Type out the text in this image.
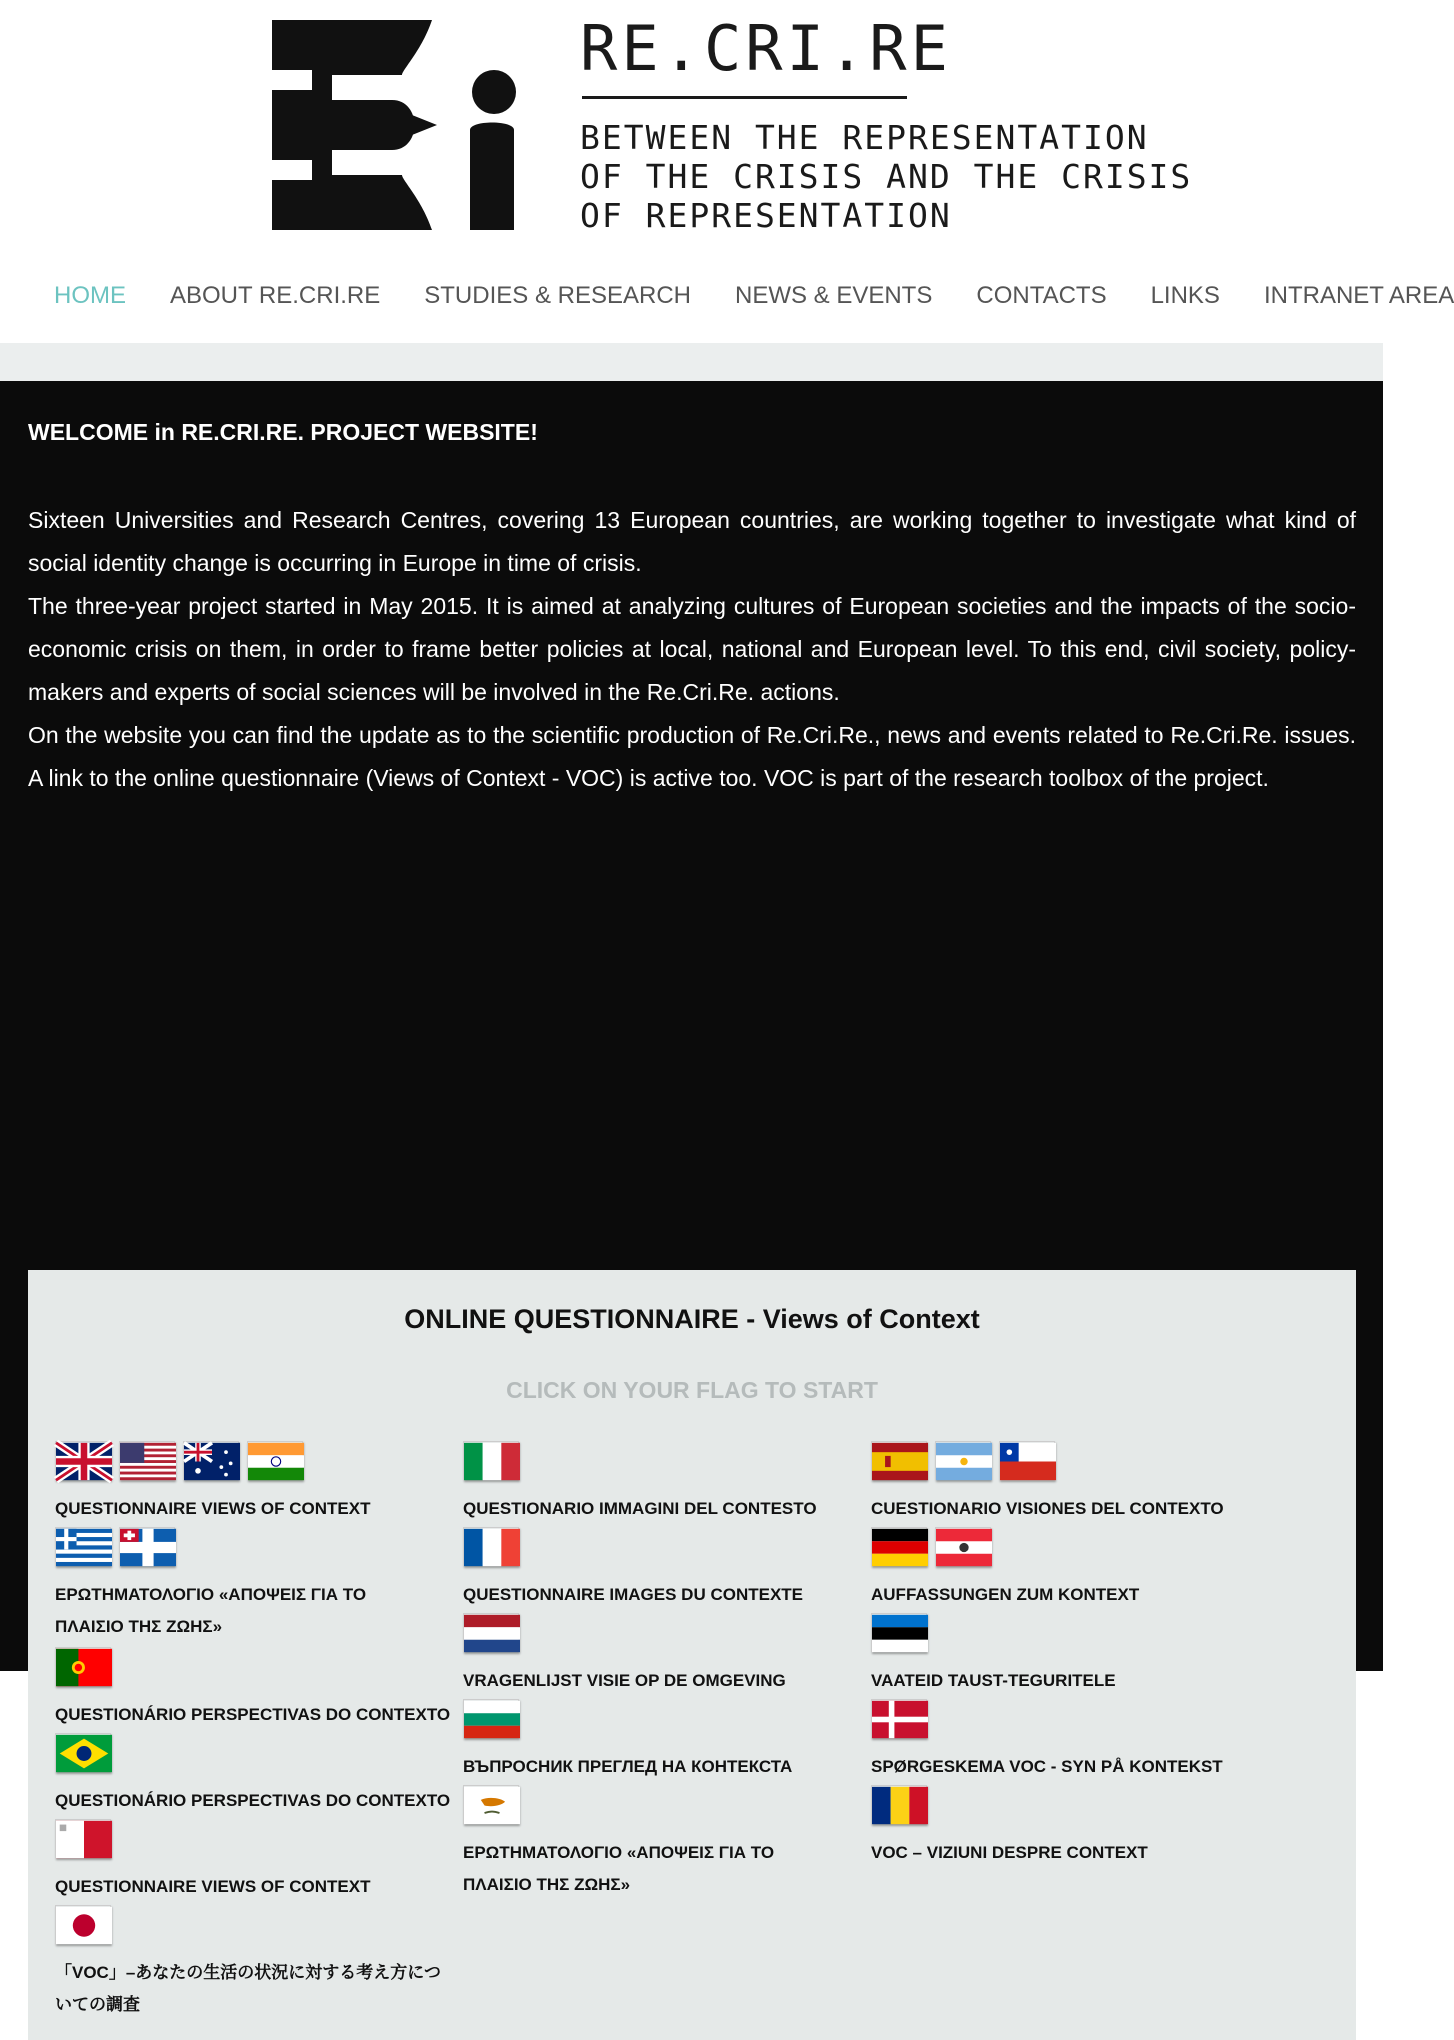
RE.CRI.RE
BETWEEN THE REPRESENTATION
OF THE CRISIS AND THE CRISIS
OF REPRESENTATION
HOME ABOUT RE.CRI.RE STUDIES & RESEARCH NEWS & EVENTS CONTACTS LINKS INTRANET AREA
WELCOME in RE.CRI.RE. PROJECT WEBSITE!

Sixteen Universities and Research Centres, covering 13 European countries, are working together to investigate what kind of social identity change is occurring in Europe in time of crisis.

The three-year project started in May 2015. It is aimed at analyzing cultures of European societies and the impacts of the socio-economic crisis on them, in order to frame better policies at local, national and European level. To this end, civil society, policy-makers and experts of social sciences will be involved in the Re.Cri.Re. actions.

On the website you can find the update as to the scientific production of Re.Cri.Re., news and events related to Re.Cri.Re. issues. A link to the online questionnaire (Views of Context - VOC) is active too. VOC is part of the research toolbox of the project.

ONLINE QUESTIONNAIRE - Views of Context
CLICK ON YOUR FLAG TO START
QUESTIONNAIRE VIEWS OF CONTEXT
ΕΡΩΤΗΜΑΤΟΛΟΓΙΟ «ΑΠΟΨΕΙΣ ΓΙΑ ΤΟ ΠΛΑΙΣΙΟ ΤΗΣ ΖΩΗΣ»
QUESTIONÁRIO PERSPECTIVAS DO CONTEXTO
QUESTIONÁRIO PERSPECTIVAS DO CONTEXTO
QUESTIONNAIRE VIEWS OF CONTEXT
「VOC」–あなたの生活の状況に対する考え方についての調査
QUESTIONARIO IMMAGINI DEL CONTESTO
QUESTIONNAIRE IMAGES DU CONTEXTE
VRAGENLIJST VISIE OP DE OMGEVING
ВЪПРОСНИК ПРЕГЛЕД НА КОНТЕКСТА
ΕΡΩΤΗΜΑΤΟΛΟΓΙΟ «ΑΠΟΨΕΙΣ ΓΙΑ ΤΟ ΠΛΑΙΣΙΟ ΤΗΣ ΖΩΗΣ»
CUESTIONARIO VISIONES DEL CONTEXTO
AUFFASSUNGEN ZUM KONTEXT
VAATEID TAUST-TEGURITELE
SPØRGESKEMA VOC - SYN PÅ KONTEKST
VOC – VIZIUNI DESPRE CONTEXT
